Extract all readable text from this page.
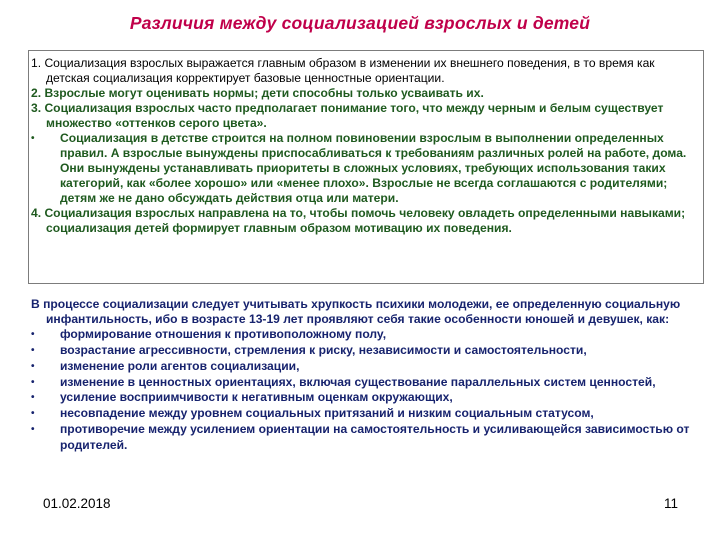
Различия между социализацией взрослых и детей

1. Социализация взрослых выражается главным образом в изменении их внешнего поведения, в то время как детская социализация корректирует базовые ценностные ориентации.

2. Взрослые могут оценивать нормы; дети способны только усваивать их.

3. Социализация взрослых часто предполагает понимание того, что между черным и белым существует множество «оттенков серого цвета».

• Социализация в детстве строится на полном повиновении взрослым в выполнении определенных правил. А взрослые вынуждены приспосабливаться к требованиям различных ролей на работе, дома. Они вынуждены устанавливать приоритеты в сложных условиях, требующих использования таких категорий, как «более хорошо» или «менее плохо». Взрослые не всегда соглашаются с родителями; детям же не дано обсуждать действия отца или матери.

4. Социализация взрослых направлена на то, чтобы помочь человеку овладеть определенными навыками; социализация детей формирует главным образом мотивацию их поведения.

В процессе социализации следует учитывать хрупкость психики молодежи, ее определенную социальную инфантильность, ибо в возрасте 13-19 лет проявляют себя такие особенности юношей и девушек, как:

• формирование отношения к противоположному полу,

• возрастание агрессивности, стремления к риску, независимости и самостоятельности,

• изменение роли агентов социализации,

• изменение в ценностных ориентациях, включая существование параллельных систем ценностей,

• усиление восприимчивости к негативным оценкам окружающих,

• несовпадение между уровнем социальных притязаний и низким социальным статусом,

• противоречие между усилением ориентации на самостоятельность и усиливающейся зависимостью от родителей.

01.02.2018	11
